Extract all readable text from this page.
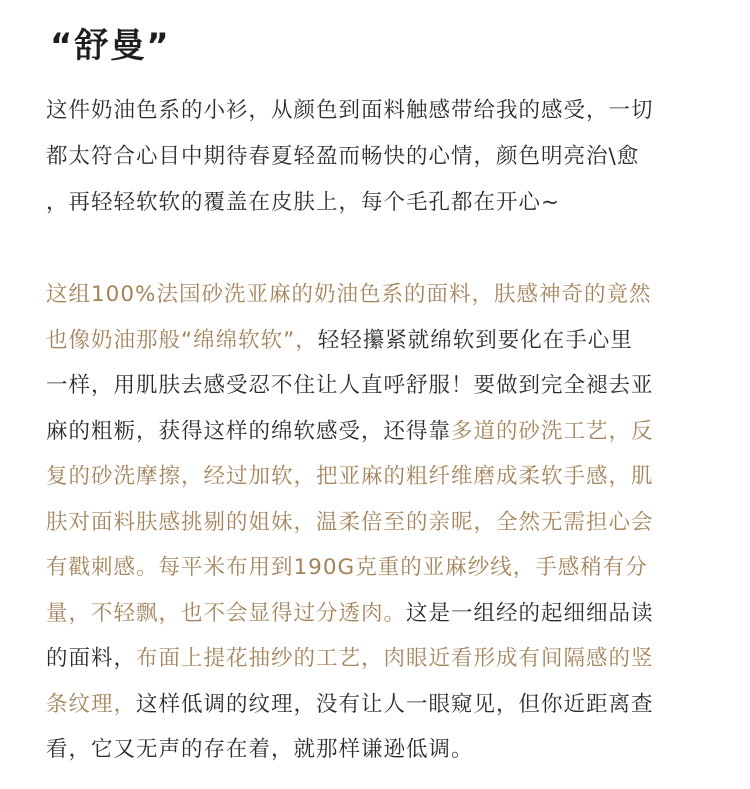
“舒曼”
这件奶油色系的小衫，从颜色到面料触感带给我的感受，一切
都太符合心目中期待春夏轻盈而畅快的心情，颜色明亮治\愈
，再轻轻软软的覆盖在皮肤上，每个毛孔都在开心~
这组100%法国砂洗亚麻的奶油色系的面料，肤感神奇的竟然
也像奶油那般“绵绵软软”，轻轻攥紧就绵软到要化在手心里
一样，用肌肤去感受忍不住让人直呼舒服！要做到完全褪去亚
麻的粗粝，获得这样的绵软感受，还得靠多道的砂洗工艺，反
复的砂洗摩擦，经过加软，把亚麻的粗纤维磨成柔软手感，肌
肤对面料肤感挑剔的姐妹，温柔倍至的亲昵，全然无需担心会
有戳刺感。每平米布用到190G克重的亚麻纱线，手感稍有分
量，不轻飘，也不会显得过分透肉。这是一组经的起细细品读
的面料，布面上提花抽纱的工艺，肉眼近看形成有间隔感的竖
条纹理，这样低调的纹理，没有让人一眼窥见，但你近距离查
看，它又无声的存在着，就那样谦逊低调。
